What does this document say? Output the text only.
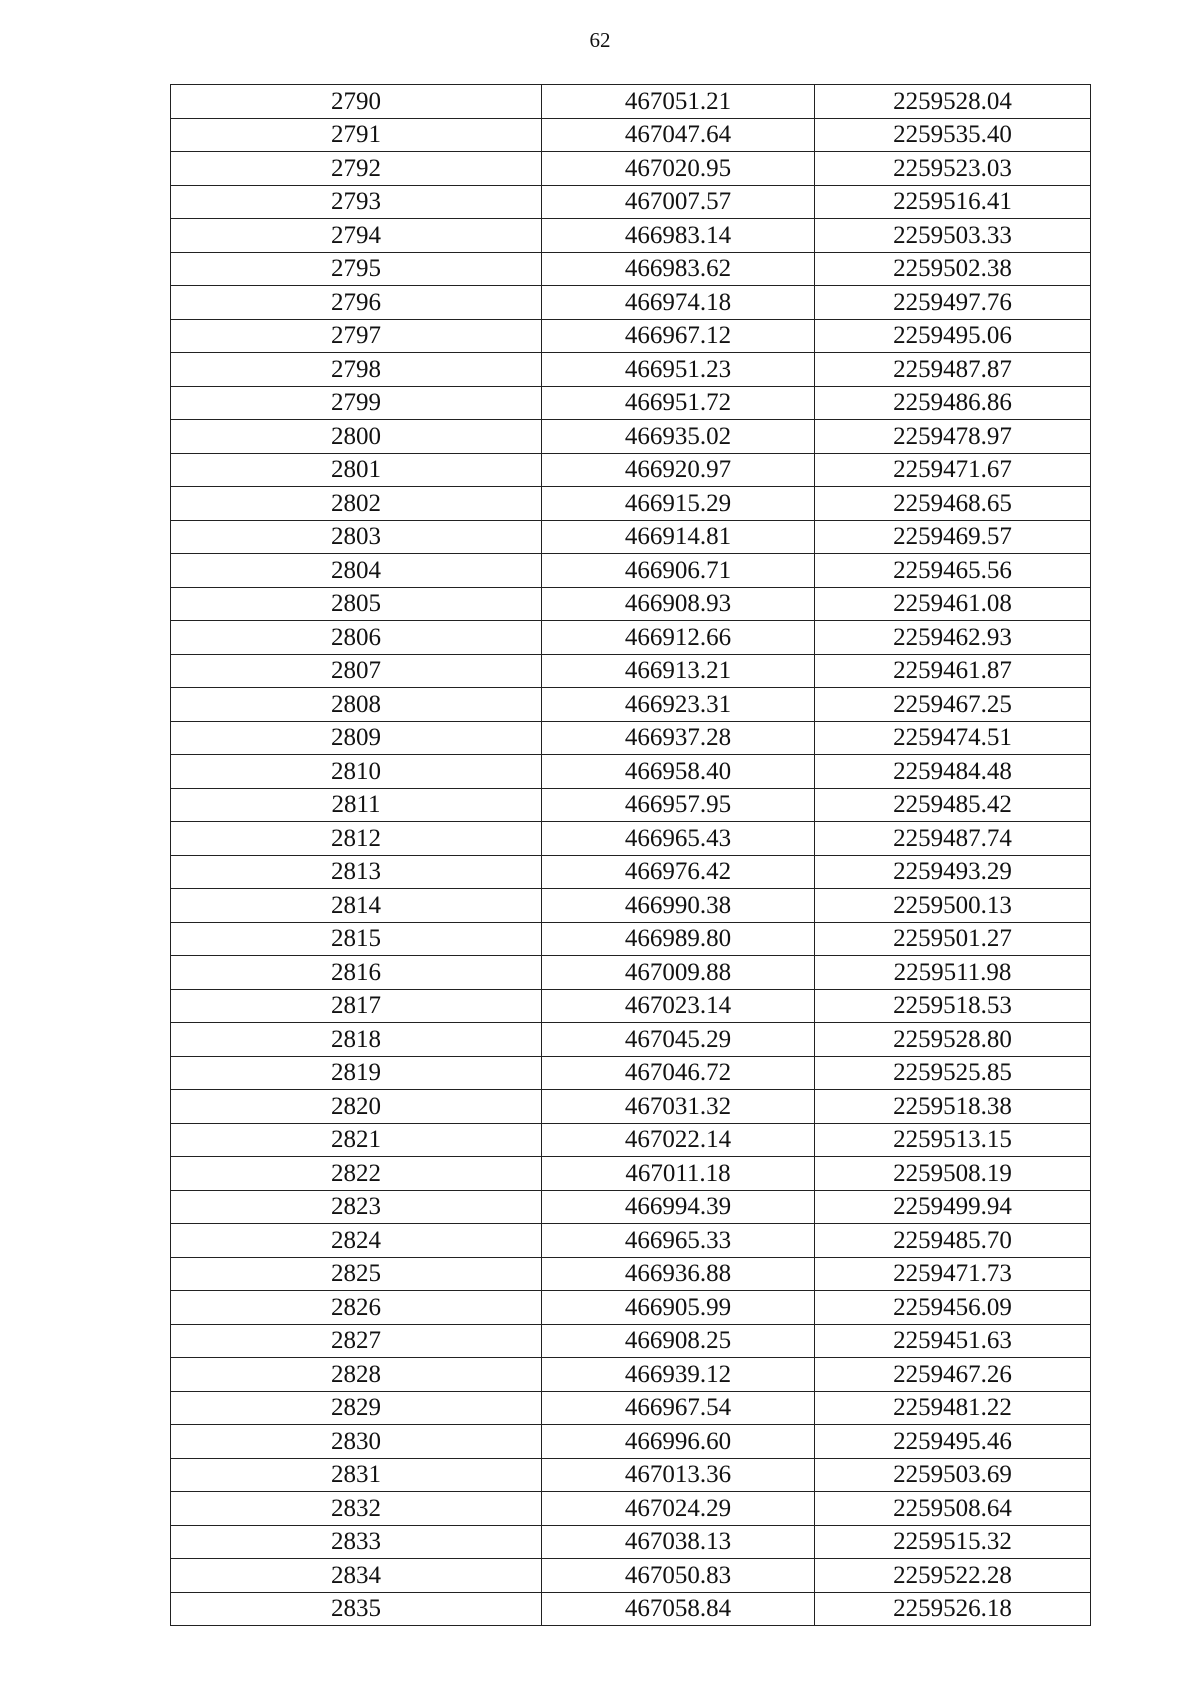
62
2790	467051.21	2259528.04
2791	467047.64	2259535.40
2792	467020.95	2259523.03
2793	467007.57	2259516.41
2794	466983.14	2259503.33
2795	466983.62	2259502.38
2796	466974.18	2259497.76
2797	466967.12	2259495.06
2798	466951.23	2259487.87
2799	466951.72	2259486.86
2800	466935.02	2259478.97
2801	466920.97	2259471.67
2802	466915.29	2259468.65
2803	466914.81	2259469.57
2804	466906.71	2259465.56
2805	466908.93	2259461.08
2806	466912.66	2259462.93
2807	466913.21	2259461.87
2808	466923.31	2259467.25
2809	466937.28	2259474.51
2810	466958.40	2259484.48
2811	466957.95	2259485.42
2812	466965.43	2259487.74
2813	466976.42	2259493.29
2814	466990.38	2259500.13
2815	466989.80	2259501.27
2816	467009.88	2259511.98
2817	467023.14	2259518.53
2818	467045.29	2259528.80
2819	467046.72	2259525.85
2820	467031.32	2259518.38
2821	467022.14	2259513.15
2822	467011.18	2259508.19
2823	466994.39	2259499.94
2824	466965.33	2259485.70
2825	466936.88	2259471.73
2826	466905.99	2259456.09
2827	466908.25	2259451.63
2828	466939.12	2259467.26
2829	466967.54	2259481.22
2830	466996.60	2259495.46
2831	467013.36	2259503.69
2832	467024.29	2259508.64
2833	467038.13	2259515.32
2834	467050.83	2259522.28
2835	467058.84	2259526.18
